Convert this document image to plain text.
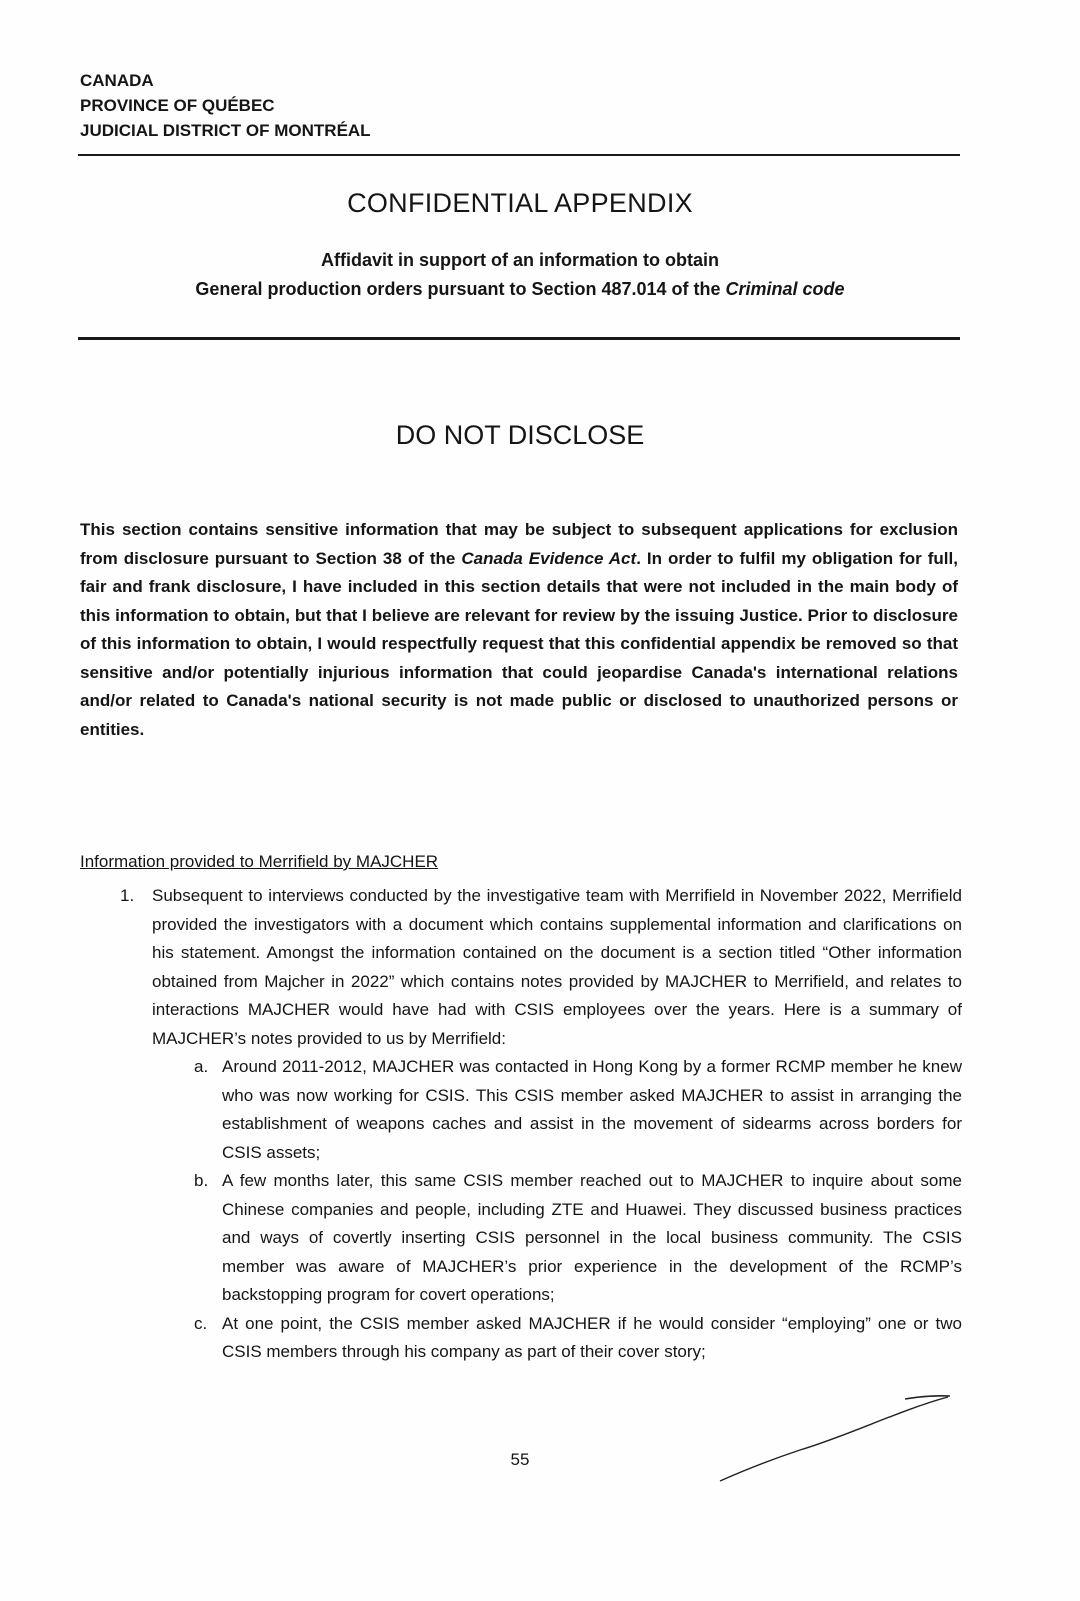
CANADA
PROVINCE OF QUÉBEC
JUDICIAL DISTRICT OF MONTRÉAL
CONFIDENTIAL APPENDIX
Affidavit in support of an information to obtain
General production orders pursuant to Section 487.014 of the Criminal code
DO NOT DISCLOSE
This section contains sensitive information that may be subject to subsequent applications for exclusion from disclosure pursuant to Section 38 of the Canada Evidence Act. In order to fulfil my obligation for full, fair and frank disclosure, I have included in this section details that were not included in the main body of this information to obtain, but that I believe are relevant for review by the issuing Justice. Prior to disclosure of this information to obtain, I would respectfully request that this confidential appendix be removed so that sensitive and/or potentially injurious information that could jeopardise Canada's international relations and/or related to Canada's national security is not made public or disclosed to unauthorized persons or entities.
Information provided to Merrifield by MAJCHER
1. Subsequent to interviews conducted by the investigative team with Merrifield in November 2022, Merrifield provided the investigators with a document which contains supplemental information and clarifications on his statement. Amongst the information contained on the document is a section titled “Other information obtained from Majcher in 2022” which contains notes provided by MAJCHER to Merrifield, and relates to interactions MAJCHER would have had with CSIS employees over the years. Here is a summary of MAJCHER’s notes provided to us by Merrifield:
a. Around 2011-2012, MAJCHER was contacted in Hong Kong by a former RCMP member he knew who was now working for CSIS. This CSIS member asked MAJCHER to assist in arranging the establishment of weapons caches and assist in the movement of sidearms across borders for CSIS assets;
b. A few months later, this same CSIS member reached out to MAJCHER to inquire about some Chinese companies and people, including ZTE and Huawei. They discussed business practices and ways of covertly inserting CSIS personnel in the local business community. The CSIS member was aware of MAJCHER’s prior experience in the development of the RCMP’s backstopping program for covert operations;
c. At one point, the CSIS member asked MAJCHER if he would consider “employing” one or two CSIS members through his company as part of their cover story;
55
